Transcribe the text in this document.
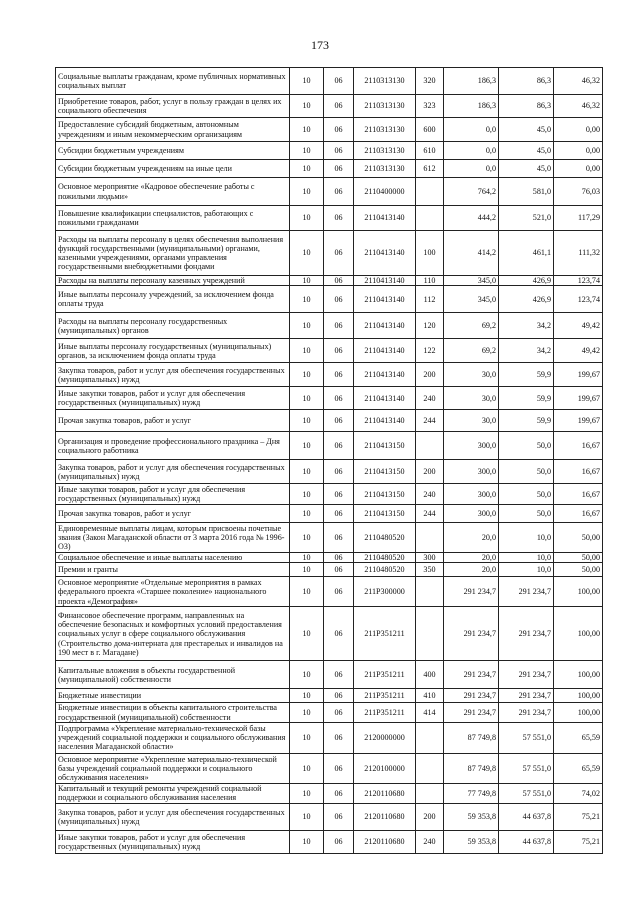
173
Социальные выплаты гражданам, кроме публичных нормативных социальных выплат	10	06	2110313130	320	186,3	86,3	46,32
Приобретение товаров, работ, услуг в пользу граждан в целях их социального обеспечения	10	06	2110313130	323	186,3	86,3	46,32
Предоставление субсидий бюджетным, автономным учреждениям и иным некоммерческим организациям	10	06	2110313130	600	0,0	45,0	0,00
Субсидии бюджетным учреждениям	10	06	2110313130	610	0,0	45,0	0,00
Субсидии бюджетным учреждениям на иные цели	10	06	2110313130	612	0,0	45,0	0,00
Основное мероприятие «Кадровое обеспечение работы с пожилыми людьми»	10	06	2110400000		764,2	581,0	76,03
Повышение квалификации специалистов, работающих с пожилыми гражданами	10	06	2110413140		444,2	521,0	117,29
Расходы на выплаты персоналу в целях обеспечения выполнения функций государственными (муниципальными) органами, казенными учреждениями, органами управления государственными внебюджетными фондами	10	06	2110413140	100	414,2	461,1	111,32
Расходы на выплаты персоналу казенных учреждений	10	06	2110413140	110	345,0	426,9	123,74
Иные выплаты персоналу учреждений, за исключением фонда оплаты труда	10	06	2110413140	112	345,0	426,9	123,74
Расходы на выплаты персоналу государственных (муниципальных) органов	10	06	2110413140	120	69,2	34,2	49,42
Иные выплаты персоналу государственных (муниципальных) органов, за исключением фонда оплаты труда	10	06	2110413140	122	69,2	34,2	49,42
Закупка товаров, работ и услуг для обеспечения государственных (муниципальных) нужд	10	06	2110413140	200	30,0	59,9	199,67
Иные закупки товаров, работ и услуг для обеспечения государственных (муниципальных) нужд	10	06	2110413140	240	30,0	59,9	199,67
Прочая закупка товаров, работ и услуг	10	06	2110413140	244	30,0	59,9	199,67
Организация и проведение профессионального праздника – Дня социального работника	10	06	2110413150		300,0	50,0	16,67
Закупка товаров, работ и услуг для обеспечения государственных (муниципальных) нужд	10	06	2110413150	200	300,0	50,0	16,67
Иные закупки товаров, работ и услуг для обеспечения государственных (муниципальных) нужд	10	06	2110413150	240	300,0	50,0	16,67
Прочая закупка товаров, работ и услуг	10	06	2110413150	244	300,0	50,0	16,67
Единовременные выплаты лицам, которым присвоены почетные звания (Закон Магаданской области от 3 марта 2016 года № 1996-ОЗ)	10	06	2110480520		20,0	10,0	50,00
Социальное обеспечение и иные выплаты населению	10	06	2110480520	300	20,0	10,0	50,00
Премии и гранты	10	06	2110480520	350	20,0	10,0	50,00
Основное мероприятие «Отдельные мероприятия в рамках федерального проекта «Старшее поколение» национального проекта «Демография»	10	06	211P300000		291 234,7	291 234,7	100,00
Финансовое обеспечение программ, направленных на обеспечение безопасных и комфортных условий предоставления социальных услуг в сфере социального обслуживания (Строительство дома-интерната для престарелых и инвалидов на 190 мест в г. Магадане)	10	06	211P351211		291 234,7	291 234,7	100,00
Капитальные вложения в объекты государственной (муниципальной) собственности	10	06	211P351211	400	291 234,7	291 234,7	100,00
Бюджетные инвестиции	10	06	211P351211	410	291 234,7	291 234,7	100,00
Бюджетные инвестиции в объекты капитального строительства государственной (муниципальной) собственности	10	06	211P351211	414	291 234,7	291 234,7	100,00
Подпрограмма «Укрепление материально-технической базы учреждений социальной поддержки и социального обслуживания населения Магаданской области»	10	06	2120000000		87 749,8	57 551,0	65,59
Основное мероприятие «Укрепление материально-технической базы учреждений социальной поддержки и социального обслуживания населения»	10	06	2120100000		87 749,8	57 551,0	65,59
Капитальный и текущий ремонты учреждений социальной поддержки и социального обслуживания населения	10	06	2120110680		77 749,8	57 551,0	74,02
Закупка товаров, работ и услуг для обеспечения государственных (муниципальных) нужд	10	06	2120110680	200	59 353,8	44 637,8	75,21
Иные закупки товаров, работ и услуг для обеспечения государственных (муниципальных) нужд	10	06	2120110680	240	59 353,8	44 637,8	75,21
